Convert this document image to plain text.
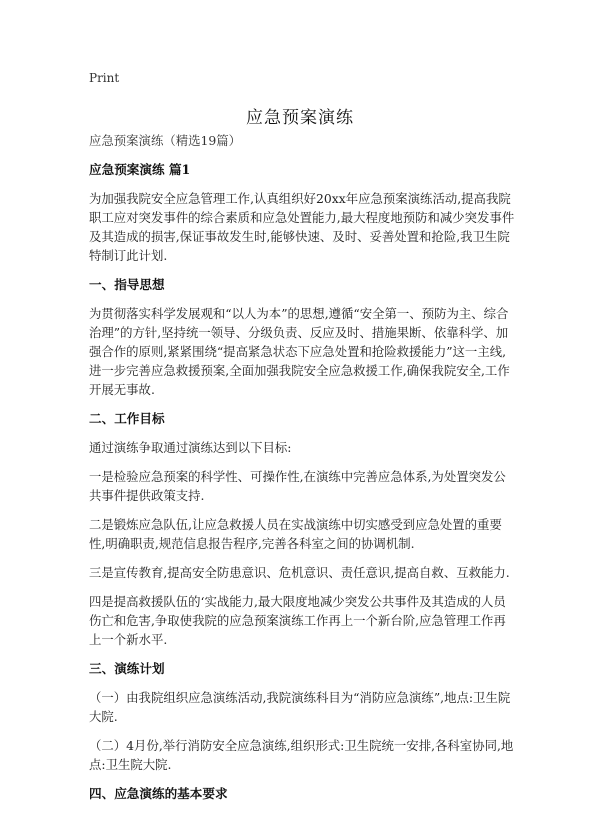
Print
应急预案演练

应急预案演练（精选19篇）

应急预案演练 篇1

为加强我院安全应急管理工作,认真组织好20xx年应急预案演练活动,提高我院职工应对突发事件的综合素质和应急处置能力,最大程度地预防和减少突发事件及其造成的损害,保证事故发生时,能够快速、及时、妥善处置和抢险,我卫生院特制订此计划.

一、指导思想

为贯彻落实科学发展观和“以人为本”的思想,遵循“安全第一、预防为主、综合治理”的方针,坚持统一领导、分级负责、反应及时、措施果断、依靠科学、加强合作的原则,紧紧围绕“提高紧急状态下应急处置和抢险救援能力”这一主线,进一步完善应急救援预案,全面加强我院安全应急救援工作,确保我院安全,工作开展无事故.

二、工作目标

通过演练争取通过演练达到以下目标:

一是检验应急预案的科学性、可操作性,在演练中完善应急体系,为处置突发公共事件提供政策支持.

二是锻炼应急队伍,让应急救援人员在实战演练中切实感受到应急处置的重要性,明确职责,规范信息报告程序,完善各科室之间的协调机制.

三是宣传教育,提高安全防患意识、危机意识、责任意识,提高自救、互救能力.

四是提高救援队伍的‘实战能力,最大限度地减少突发公共事件及其造成的人员伤亡和危害,争取使我院的应急预案演练工作再上一个新台阶,应急管理工作再上一个新水平.

三、演练计划

（一）由我院组织应急演练活动,我院演练科目为“消防应急演练”,地点:卫生院大院.

（二）4月份,举行消防安全应急演练,组织形式:卫生院统一安排,各科室协同,地点:卫生院大院.

四、应急演练的基本要求
